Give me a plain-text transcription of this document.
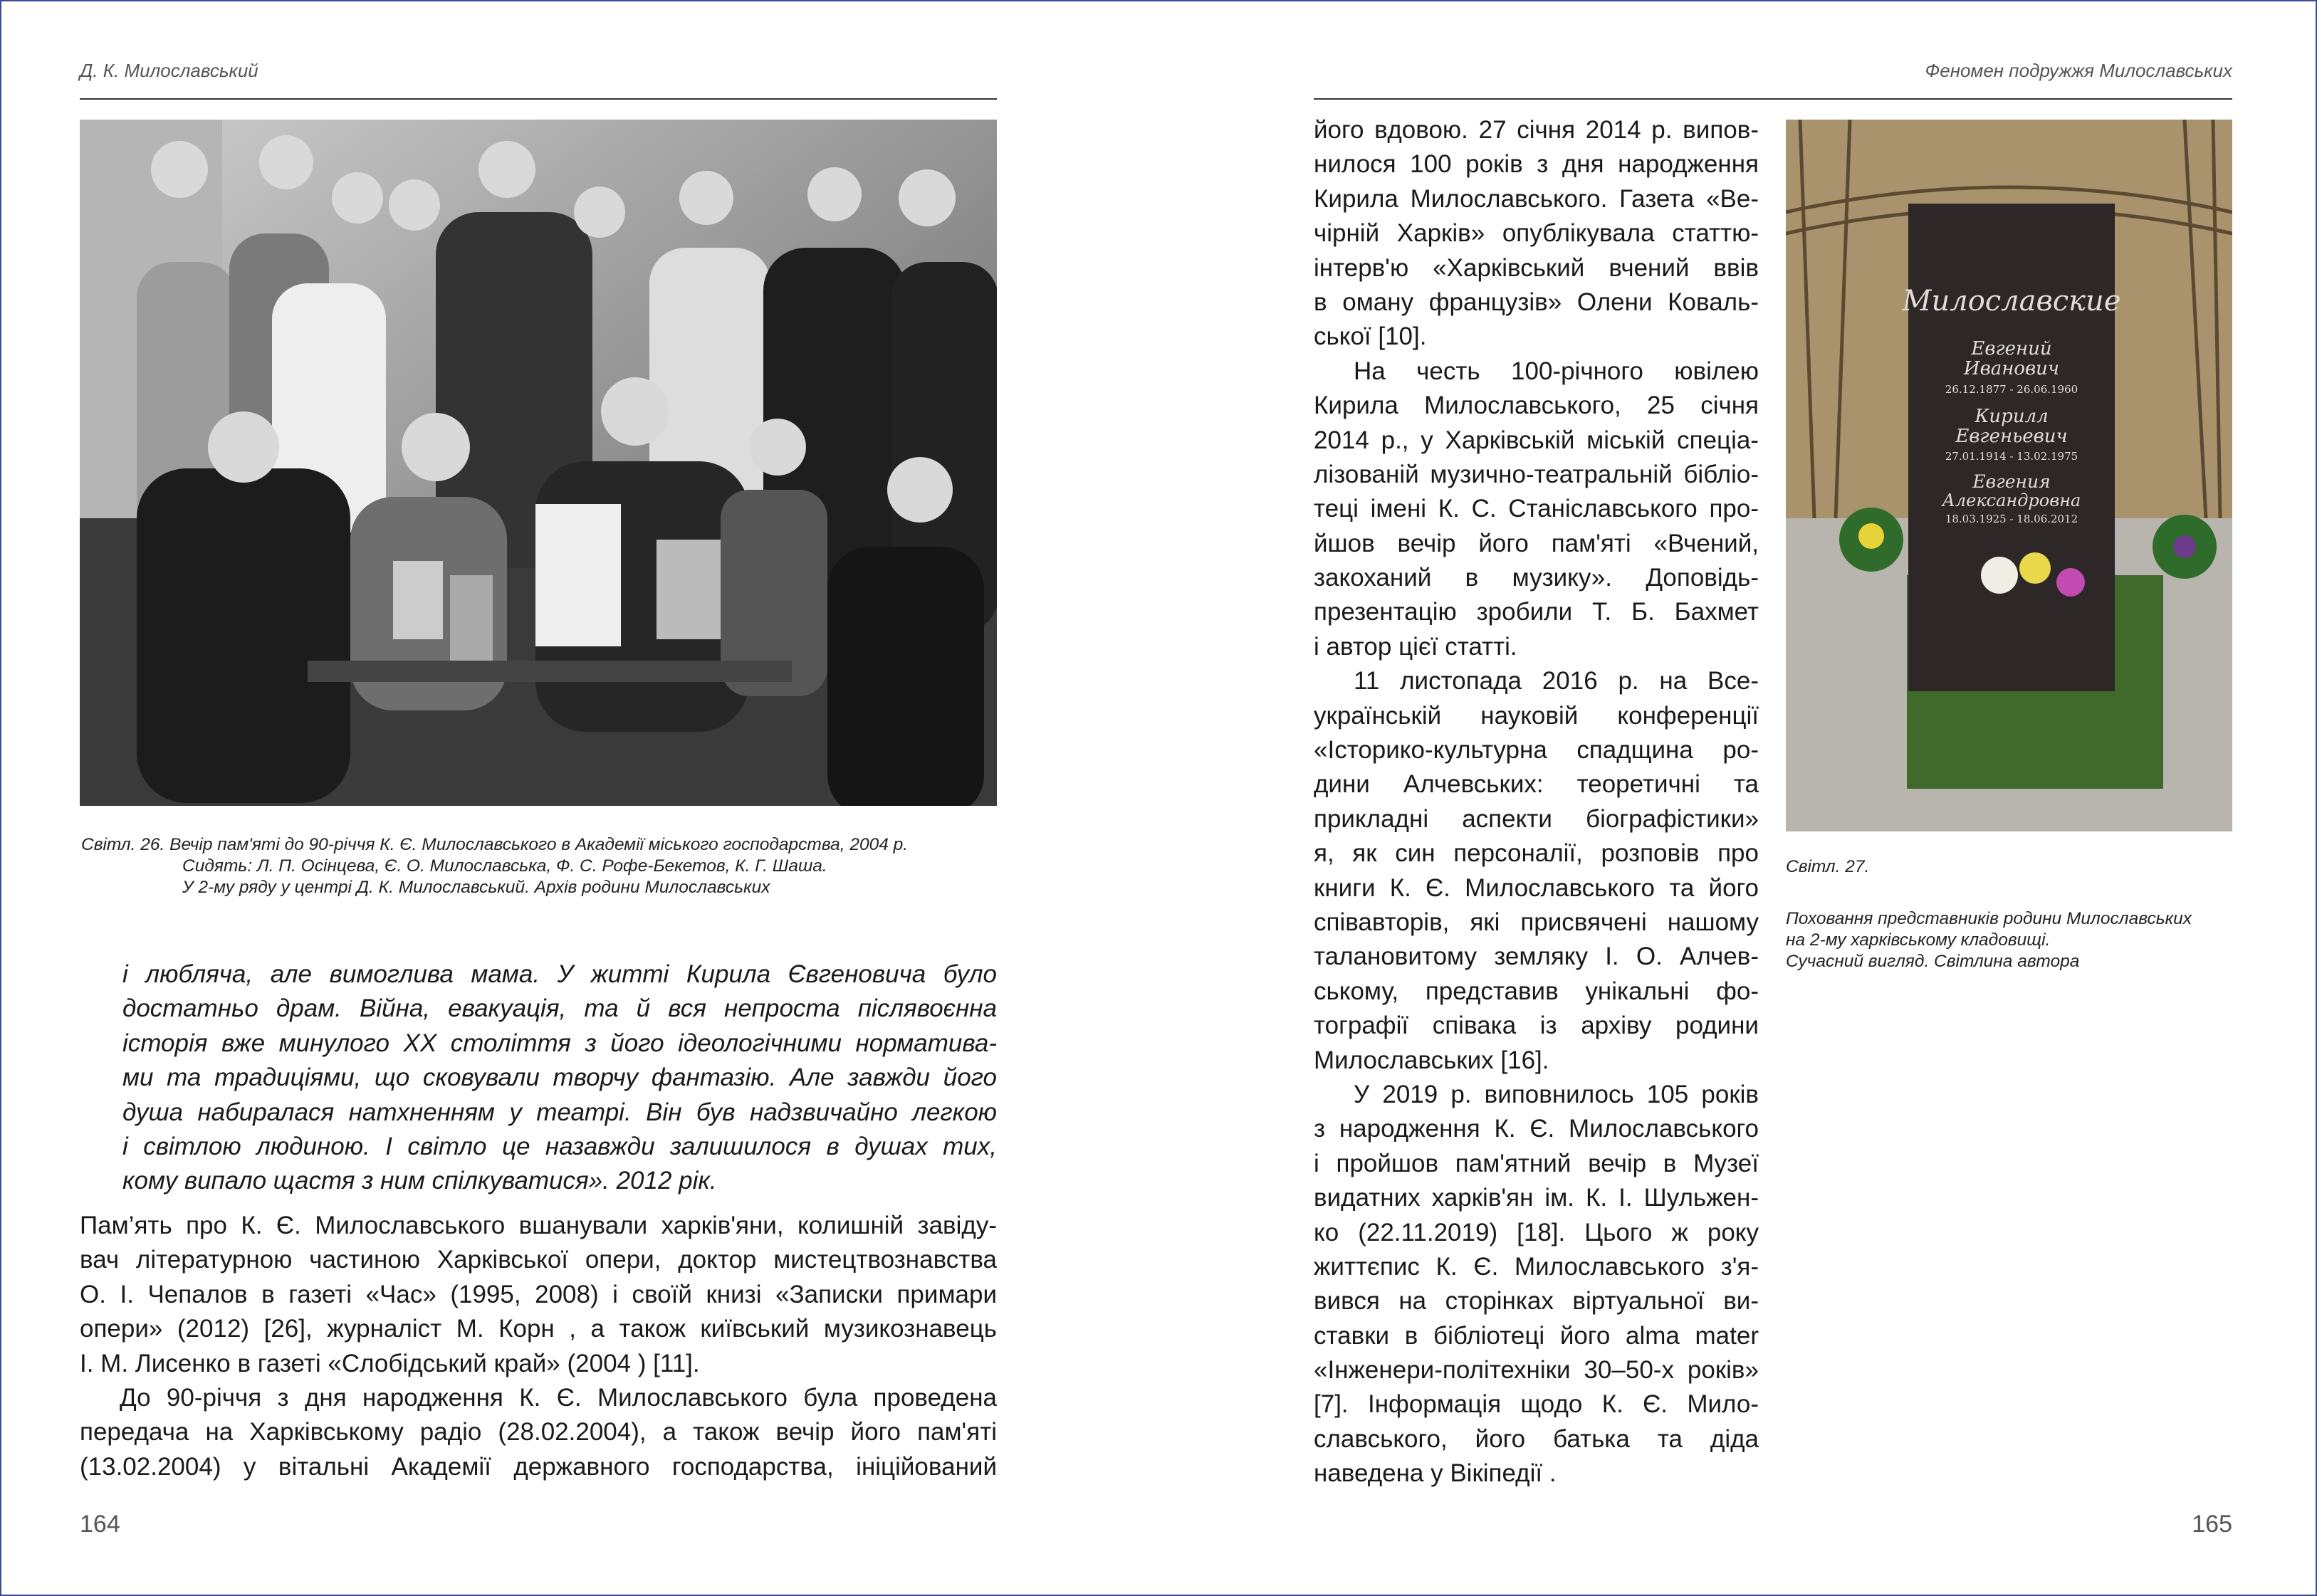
Д. К. Милославський
Світл. 26. Вечір пам'яті до 90-річчя К. Є. Милославського в Академії міського господарства, 2004 р.
Сидять: Л. П. Осінцева, Є. О. Милославська, Ф. С. Рофе-Бекетов, К. Г. Шаша.
У 2-му ряду у центрі Д. К. Милославський. Архів родини Милославських
і люблячa, але вимоглива мама. У житті Кирила Євгеновича було
достатньо драм. Війна, евакуація, та й вся непроста післявоєнна
історія вже минулого XX століття з його ідеологічними норматива-
ми та традиціями, що сковували творчу фантазію. Але завжди його
душа набиралася натхненням у театрі. Він був надзвичайно легкою
і світлою людиною. І світло це назавжди залишилося в душах тих,
кому випало щастя з ним спілкуватися». 2012 рік.
Пам’ять про К. Є. Милославського вшанували харків'яни, колишній завіду-
вач літературною частиною Харківської опери, доктор мистецтвознавства
О. І. Чепалов в газеті «Час» (1995, 2008) і своїй книзі «Записки примари
опери» (2012) [26], журналіст М. Корн , а також київський музикознавець
І. М. Лисенко в газеті «Слобідський край» (2004 ) [11].
До 90-річчя з дня народження К. Є. Милославського була проведена
передача на Харківському радіо (28.02.2004), а також вечір його пам'яті
(13.02.2004) у вітальні Академії державного господарства, ініційований
164
Феномен подружжя Милославських
його вдовою. 27 січня 2014 р. випов-
нилося 100 років з дня народження
Кирила Милославського. Газета «Ве-
чірній Харків» опублікувала статтю-
інтерв'ю «Харківський вчений ввів
в оману французів» Олени Коваль-
ської [10].
На честь 100-річного ювілею
Кирила Милославського, 25 січня
2014 р., у Харківській міській спеціа-
лізованій музично-театральній бібліо-
теці імені К. С. Станіславського про-
йшов вечір його пам'яті «Вчений,
закоханий в музику». Доповідь-
презентацію зробили Т. Б. Бахмет
і автор цієї статті.
11 листопада 2016 р. на Все-
українській науковій конференції
«Історико-культурна спадщина ро-
дини Алчевських: теоретичні та
прикладні аспекти біографістики»
я, як син персоналії, розповів про
книги К. Є. Милославського та його
співавторів, які присвячені нашому
талановитому земляку І. О. Алчев-
ському, представив унікальні фо-
тографії співака із архіву родини
Милославських [16].
У 2019 р. виповнилось 105 років
з народження К. Є. Милославського
і пройшов пам'ятний вечір в Музеї
видатних харків'ян ім. К. І. Шульжен-
ко (22.11.2019) [18]. Цього ж року
життєпис К. Є. Милославського з'я-
вився на сторінках віртуальної ви-
ставки в бібліотеці його alma mater
«Інженери-політехніки 30–50-х років»
[7]. Інформація щодо К. Є. Мило-
славського, його батька та діда
наведена у Вікіпедії .
Милославские
Евгений
Иванович
26.12.1877 - 26.06.1960
Кирилл
Евгеньевич
27.01.1914 - 13.02.1975
Евгения
Александровна
18.03.1925 - 18.06.2012
Світл. 27.
Поховання представників родини Милославських
на 2-му харківському кладовищі.
Сучасний вигляд. Світлина автора
165
